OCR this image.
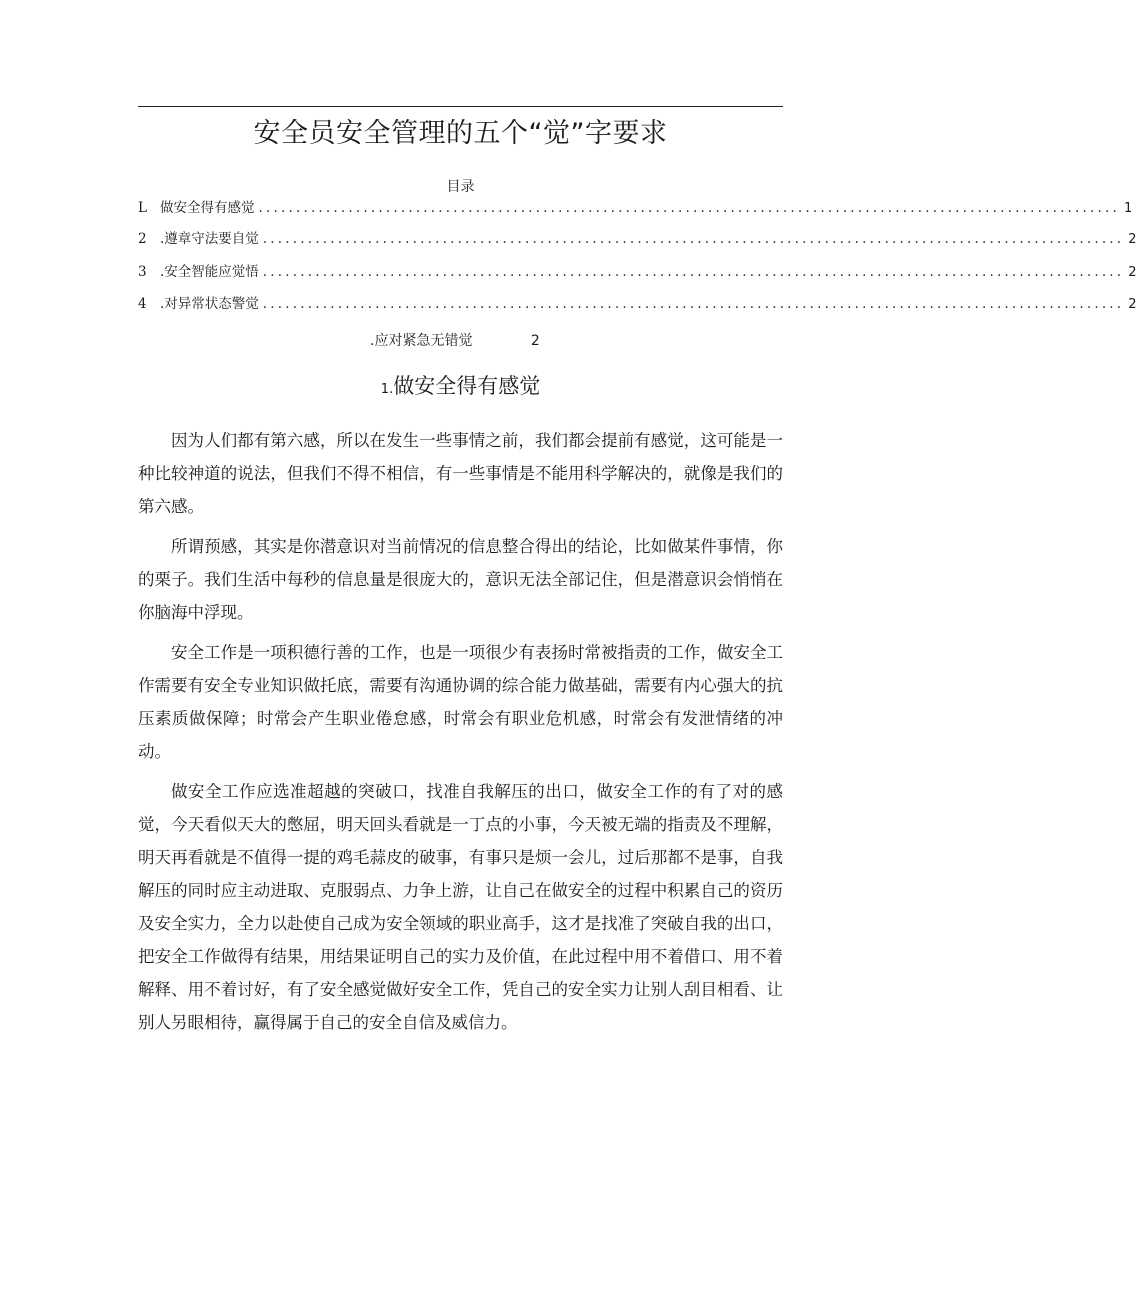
安全员安全管理的五个“觉”字要求
目录
L 做安全得有感觉 ................................................................................................................... 1
2 .遵章守法要自觉 ................................................................................................................... 2
3 .安全智能应觉悟 ................................................................................................................... 2
4 .对异常状态警觉 ................................................................................................................... 2
.应对紧急无错觉	2
1.做安全得有感觉

因为人们都有第六感，所以在发生一些事情之前，我们都会提前有感觉，这可能是一种比较神道的说法，但我们不得不相信，有一些事情是不能用科学解决的，就像是我们的第六感。

所谓预感，其实是你潜意识对当前情况的信息整合得出的结论，比如做某件事情，你的栗子。我们生活中每秒的信息量是很庞大的，意识无法全部记住，但是潜意识会悄悄在你脑海中浮现。

安全工作是一项积德行善的工作，也是一项很少有表扬时常被指责的工作，做安全工作需要有安全专业知识做托底，需要有沟通协调的综合能力做基础，需要有内心强大的抗压素质做保障；时常会产生职业倦怠感，时常会有职业危机感，时常会有发泄情绪的冲动。

做安全工作应选准超越的突破口，找准自我解压的出口，做安全工作的有了对的感觉，今天看似天大的憋屈，明天回头看就是一丁点的小事，今天被无端的指责及不理解，明天再看就是不值得一提的鸡毛蒜皮的破事，有事只是烦一会儿，过后那都不是事，自我解压的同时应主动进取、克服弱点、力争上游，让自己在做安全的过程中积累自己的资历及安全实力，全力以赴使自己成为安全领域的职业高手，这才是找准了突破自我的出口，把安全工作做得有结果，用结果证明自己的实力及价值，在此过程中用不着借口、用不着解释、用不着讨好，有了安全感觉做好安全工作，凭自己的安全实力让别人刮目相看、让别人另眼相待，赢得属于自己的安全自信及威信力。
